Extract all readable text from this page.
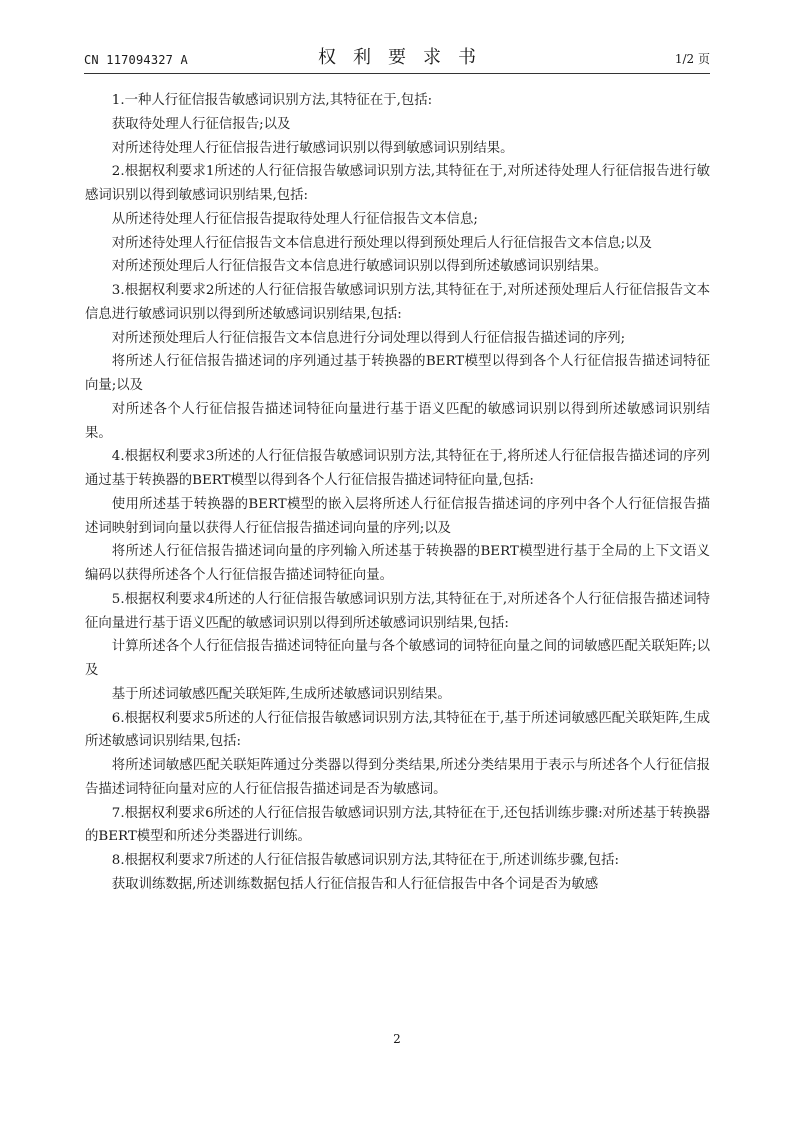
CN 117094327 A	权利要求书	1/2 页

1.一种人行征信报告敏感词识别方法,其特征在于,包括:

获取待处理人行征信报告;以及

对所述待处理人行征信报告进行敏感词识别以得到敏感词识别结果。

2.根据权利要求1所述的人行征信报告敏感词识别方法,其特征在于,对所述待处理人行征信报告进行敏感词识别以得到敏感词识别结果,包括:

从所述待处理人行征信报告提取待处理人行征信报告文本信息;

对所述待处理人行征信报告文本信息进行预处理以得到预处理后人行征信报告文本信息;以及

对所述预处理后人行征信报告文本信息进行敏感词识别以得到所述敏感词识别结果。

3.根据权利要求2所述的人行征信报告敏感词识别方法,其特征在于,对所述预处理后人行征信报告文本信息进行敏感词识别以得到所述敏感词识别结果,包括:

对所述预处理后人行征信报告文本信息进行分词处理以得到人行征信报告描述词的序列;

将所述人行征信报告描述词的序列通过基于转换器的BERT模型以得到各个人行征信报告描述词特征向量;以及

对所述各个人行征信报告描述词特征向量进行基于语义匹配的敏感词识别以得到所述敏感词识别结果。

4.根据权利要求3所述的人行征信报告敏感词识别方法,其特征在于,将所述人行征信报告描述词的序列通过基于转换器的BERT模型以得到各个人行征信报告描述词特征向量,包括:

使用所述基于转换器的BERT模型的嵌入层将所述人行征信报告描述词的序列中各个人行征信报告描述词映射到词向量以获得人行征信报告描述词向量的序列;以及

将所述人行征信报告描述词向量的序列输入所述基于转换器的BERT模型进行基于全局的上下文语义编码以获得所述各个人行征信报告描述词特征向量。

5.根据权利要求4所述的人行征信报告敏感词识别方法,其特征在于,对所述各个人行征信报告描述词特征向量进行基于语义匹配的敏感词识别以得到所述敏感词识别结果,包括:

计算所述各个人行征信报告描述词特征向量与各个敏感词的词特征向量之间的词敏感匹配关联矩阵;以及

基于所述词敏感匹配关联矩阵,生成所述敏感词识别结果。

6.根据权利要求5所述的人行征信报告敏感词识别方法,其特征在于,基于所述词敏感匹配关联矩阵,生成所述敏感词识别结果,包括:

将所述词敏感匹配关联矩阵通过分类器以得到分类结果,所述分类结果用于表示与所述各个人行征信报告描述词特征向量对应的人行征信报告描述词是否为敏感词。

7.根据权利要求6所述的人行征信报告敏感词识别方法,其特征在于,还包括训练步骤:对所述基于转换器的BERT模型和所述分类器进行训练。

8.根据权利要求7所述的人行征信报告敏感词识别方法,其特征在于,所述训练步骤,包括:

获取训练数据,所述训练数据包括人行征信报告和人行征信报告中各个词是否为敏感

2
